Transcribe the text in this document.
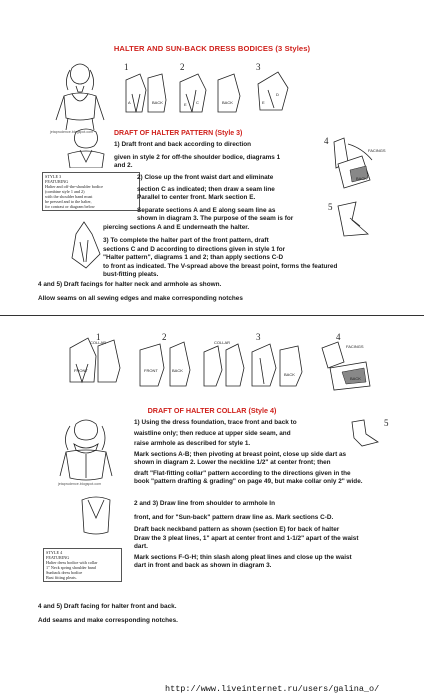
HALTER AND SUN-BACK DRESS BODICES (3 Styles)
jetaprudence.blogspot.com
1
A	BACK
2
E C	BACK
3
E
D
DRAFT OF HALTER PATTERN (Style 3)
1) Draft front and back according to direction
given in style 2 for off-the shoulder bodice, diagrams 1
and 2.
4
FACINGS
BACK
STYLE 3
FEATURING
Halter and off-the-shoulder bodice
(combine style 1 and 2)
with the shoulder band must
be pressed and to the halter,
for contrast or diagram below
2) Close up the front waist dart and eliminate
section C as indicated; then draw a seam line
Parallel to center front. Mark section E.
Separate sections A and E along seam line as
shown in diagram 3. The purpose of the seam is for
piercing sections A and E underneath the halter.
5
3) To complete the halter part of the front pattern, draft
sections C and D according to directions given in style 1 for
"Halter pattern", diagrams 1 and 2; than apply sections C-D
to front as indicated. The V-spread above the breast point, forms the featured
bust-fitting pleats.
4 and 5) Draft facings for halter neck and armhole as shown.
Allow seams on all sewing edges and make corresponding notches
1
COLLAR
FRONT
2
FRONT	BACK
COLLAR
3
BACK
4
FACINGS
BACK
DRAFT OF HALTER COLLAR (Style 4)
jetaprudence.blogspot.com
1) Using the dress foundation, trace front and back to
waistline only; then reduce at upper side seam, and
raise armhole as described for style 1.
Mark sections A-B; then pivoting at breast point, close up side dart as
shown in diagram 2. Lower the neckline 1/2" at center front; then
draft "Flat-fitting collar" pattern according to the directions given in the
book "pattern drafting & grading" on page 49, but make collar only 2" wide.
5
2 and 3) Draw line from shoulder to armhole In
front, and for "Sun-back" pattern draw line as. Mark sections C-D.
Draft back neckband pattern as shown (section E) for back of halter
Draw the 3 pleat lines, 1" apart at center front and 1-1/2" apart of the waist
dart.
Mark sections F-G-H; thin slash along pleat lines and close up the waist
dart in front and back as shown in diagram 3.
STYLE 4
FEATURING
Halter dress bodice with collar
1" Neck spring shoulder band
Sunback dress bodice
Bust fitting pleats.
4 and 5) Draft facing for halter front and back.
Add seams and make corresponding notches.
http://www.liveinternet.ru/users/galina_o/
